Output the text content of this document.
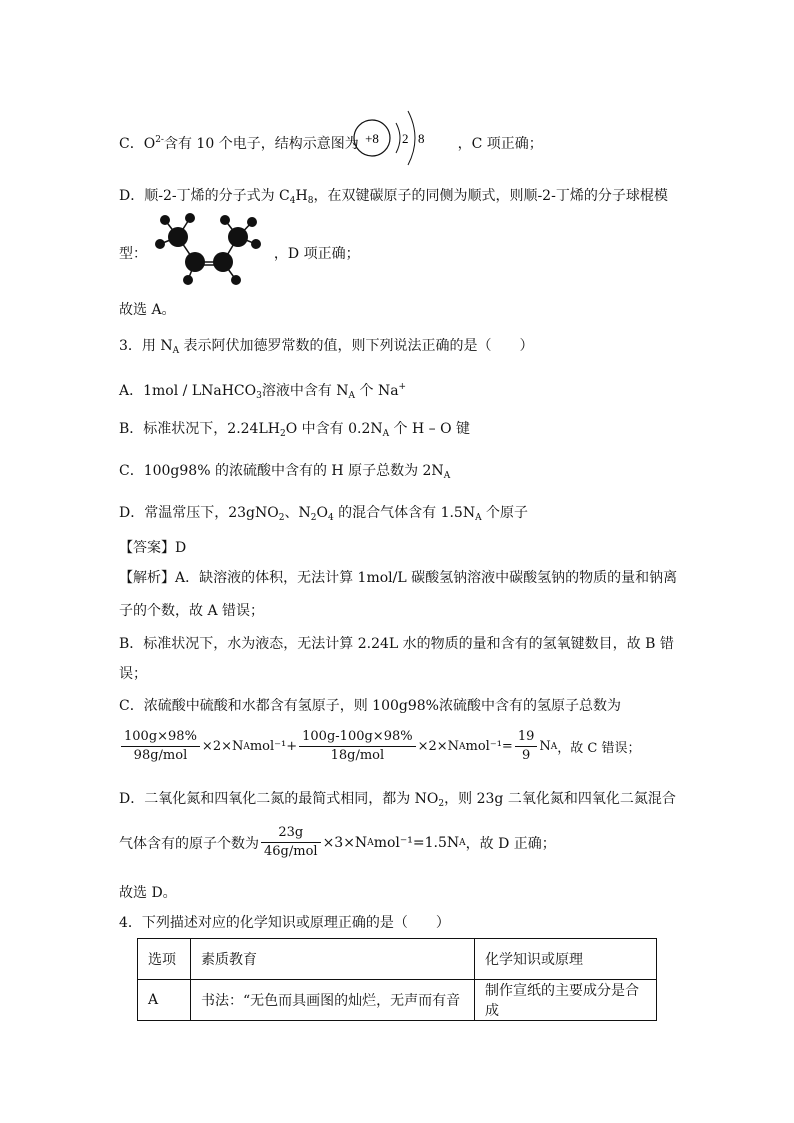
C．$O^{2-}$含有 10 个电子，结构示意图为	，C 项正确；
+8 2 8
D．顺-2-丁烯的分子式为 $C_4H_8$，在双键碳原子的同侧为顺式，则顺-2-丁烯的分子球棍模
型：	，D 项正确；
故选 A。
3．用 $N_A$ 表示阿伏加德罗常数的值，则下列说法正确的是（　　）
A．1mol / LNaHCO$_3$溶液中含有 $N_A$ 个 Na+
B．标准状况下，$2.24LH_2O$ 中含有 $0.2N_A$ 个 H – O 键
C．100g98% 的浓硫酸中含有的 H 原子总数为 $2N_A$
D．常温常压下，23gNO$_2$、$N_2O_4$ 的混合气体含有 $1.5N_A$ 个原子
【答案】D
【解析】A．缺溶液的体积，无法计算 1mol/L 碳酸氢钠溶液中碳酸氢钠的物质的量和钠离
子的个数，故 A 错误；
B．标准状况下，水为液态，无法计算 2.24L 水的物质的量和含有的氢氧键数目，故 B 错
误；
C．浓硫酸中硫酸和水都含有氢原子，则 100g98%浓硫酸中含有的氢原子总数为
$\frac{100g\times 98\%}{\text{98g/mol}} \times 2\times N$ A $mol^{-1}+ \frac{100g-100g\times 98\%}{\text{18g/mol}} \times 2\times N$ A $mol^{-1}= \frac{19}{9}$ N A ，故 C 错误；
D．二氧化氮和四氧化二氮的最简式相同，都为 $NO_2$，则 23g 二氧化氮和四氧化二氮混合
气体含有的原子个数为 $\frac{23g}{\text{46g/mol}} \times 3\times N$ A mol⁻¹=1.5N A ，故 D 正确；
故选 D。
4．下列描述对应的化学知识或原理正确的是（　　）
选项	素质教育	化学知识或原理
A	书法：“无色而具画图的灿烂，无声而有音	制作宣纸的主要成分是合成
